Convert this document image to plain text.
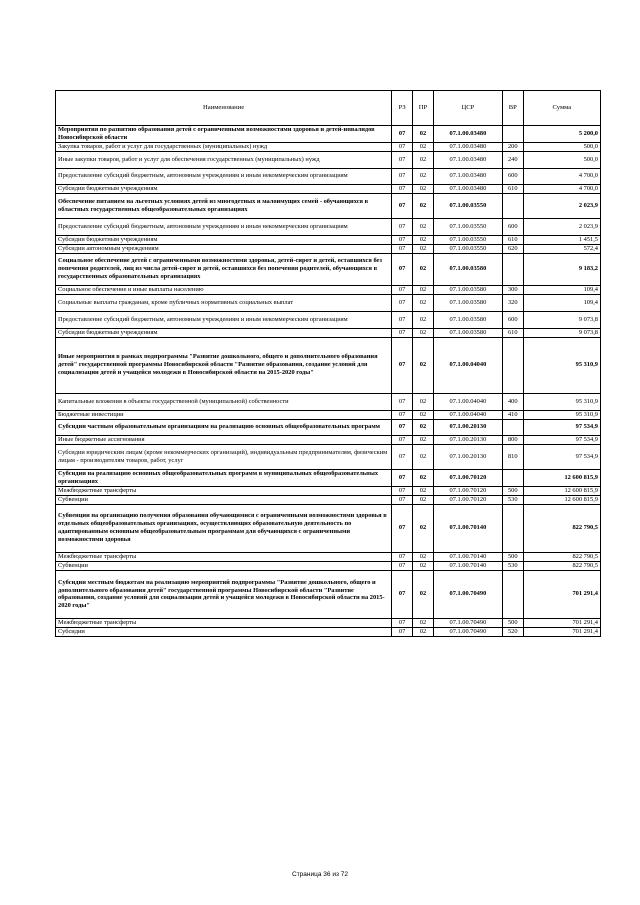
Наименование	РЗ	ПР	ЦСР	ВР	Сумма
Мероприятия по развитию образования детей с ограниченными возможностями здоровья и детей-инвалидов Новосибирской области	07	02	07.1.00.03480		5 200,0
Закупка товаров, работ и услуг для государственных (муниципальных) нужд	07	02	07.1.00.03480	200	500,0
Иные закупки товаров, работ и услуг для обеспечения государственных (муниципальных) нужд	07	02	07.1.00.03480	240	500,0
Предоставление субсидий бюджетным, автономным учреждениям и иным некоммерческим организациям	07	02	07.1.00.03480	600	4 700,0
Субсидии бюджетным учреждениям	07	02	07.1.00.03480	610	4 700,0
Обеспечение питанием на льготных условиях детей из многодетных и малоимущих семей - обучающихся в областных государственных общеобразовательных организациях	07	02	07.1.00.03550		2 023,9
Предоставление субсидий бюджетным, автономным учреждениям и иным некоммерческим организациям	07	02	07.1.00.03550	600	2 023,9
Субсидии бюджетным учреждениям	07	02	07.1.00.03550	610	1 451,5
Субсидии автономным учреждениям	07	02	07.1.00.03550	620	572,4
Социальное обеспечение детей с ограниченными возможностями здоровья, детей-сирот и детей, оставшихся без попечения родителей, лиц из числа детей-сирот и детей, оставшихся без попечения родителей, обучающихся в государственных образовательных организациях	07	02	07.1.00.03580		9 183,2
Социальное обеспечение и иные выплаты населению	07	02	07.1.00.03580	300	109,4
Социальные выплаты гражданам, кроме публичных нормативных социальных выплат	07	02	07.1.00.03580	320	109,4
Предоставление субсидий бюджетным, автономным учреждениям и иным некоммерческим организациям	07	02	07.1.00.03580	600	9 073,8
Субсидии бюджетным учреждениям	07	02	07.1.00.03580	610	9 073,8
Иные мероприятия в рамках подпрограммы "Развитие дошкольного, общего и дополнительного образования детей" государственной программы Новосибирской области "Развитие образования, создание условий для социализации детей и учащейся молодежи в Новосибирской области на 2015-2020 годы"	07	02	07.1.00.04040		95 310,9
Капитальные вложения в объекты государственной (муниципальной) собственности	07	02	07.1.00.04040	400	95 310,9
Бюджетные инвестиции	07	02	07.1.00.04040	410	95 310,9
Субсидии частным образовательным организациям на реализацию основных общеобразовательных программ	07	02	07.1.00.20130		97 534,9
Иные бюджетные ассигнования	07	02	07.1.00.20130	800	97 534,9
Субсидии юридическим лицам (кроме некоммерческих организаций), индивидуальным предпринимателям, физическим лицам - производителям товаров, работ, услуг	07	02	07.1.00.20130	810	97 534,9
Субсидии на реализацию основных общеобразовательных программ в муниципальных общеобразовательных организациях	07	02	07.1.00.70120		12 600 815,9
Межбюджетные трансферты	07	02	07.1.00.70120	500	12 600 815,9
Субвенции	07	02	07.1.00.70120	530	12 600 815,9
Субвенции на организацию получения образования обучающимися с ограниченными возможностями здоровья в отдельных общеобразовательных организациях, осуществляющих образовательную деятельность по адаптированным основным общеобразовательным программам для обучающихся с ограниченными возможностями здоровья	07	02	07.1.00.70140		822 790,5
Межбюджетные трансферты	07	02	07.1.00.70140	500	822 790,5
Субвенции	07	02	07.1.00.70140	530	822 790,5
Субсидии местным бюджетам на реализацию мероприятий подпрограммы "Развитие дошкольного, общего и дополнительного образования детей" государственной программы Новосибирской области "Развитие образования, создание условий для социализации детей и учащейся молодежи в Новосибирской области на 2015-2020 годы"	07	02	07.1.00.70490		701 291,4
Межбюджетные трансферты	07	02	07.1.00.70490	500	701 291,4
Субсидии	07	02	07.1.00.70490	520	701 291,4
Страница 36 из 72
